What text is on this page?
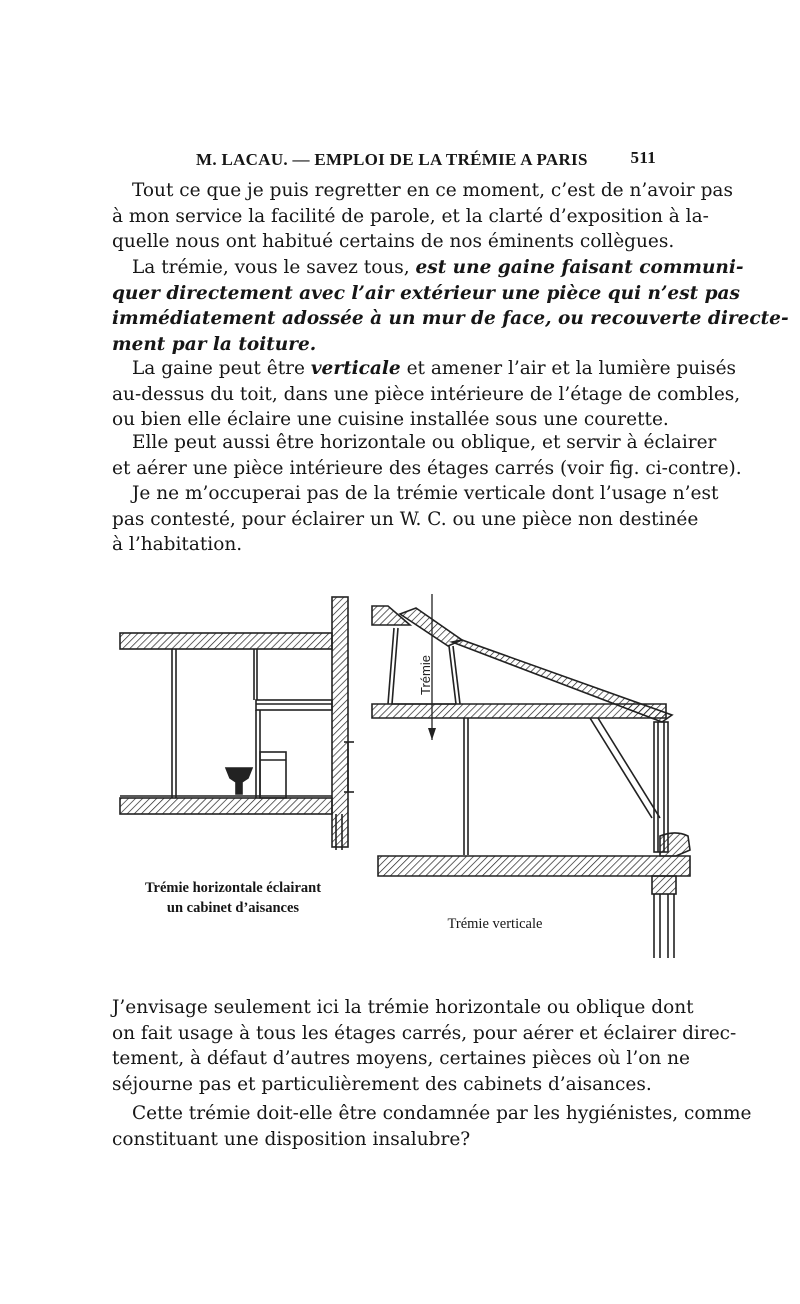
M. LACAU. — EMPLOI DE LA TRÉMIE A PARIS	511
Tout ce que je puis regretter en ce moment, c’est de n’avoir pas
à mon service la facilité de parole, et la clarté d’exposition à la-
quelle nous ont habitué certains de nos éminents collègues.
La trémie, vous le savez tous, est une gaine faisant communi-
quer directement avec l’air extérieur une pièce qui n’est pas
immédiatement adossée à un mur de face, ou recouverte directe-
ment par la toiture.
La gaine peut être verticale et amener l’air et la lumière puisés
au-dessus du toit, dans une pièce intérieure de l’étage de combles,
ou bien elle éclaire une cuisine installée sous une courette.
Elle peut aussi être horizontale ou oblique, et servir à éclairer
et aérer une pièce intérieure des étages carrés (voir fig. ci-contre).
Je ne m’occuperai pas de la trémie verticale dont l’usage n’est
pas contesté, pour éclairer un W. C. ou une pièce non destinée
à l’habitation.
Trémie
Trémie horizontale éclairant
un cabinet d’aisances
Trémie verticale
J’envisage seulement ici la trémie horizontale ou oblique dont
on fait usage à tous les étages carrés, pour aérer et éclairer direc-
tement, à défaut d’autres moyens, certaines pièces où l’on ne
séjourne pas et particulièrement des cabinets d’aisances.
Cette trémie doit-elle être condamnée par les hygiénistes, comme
constituant une disposition insalubre?
